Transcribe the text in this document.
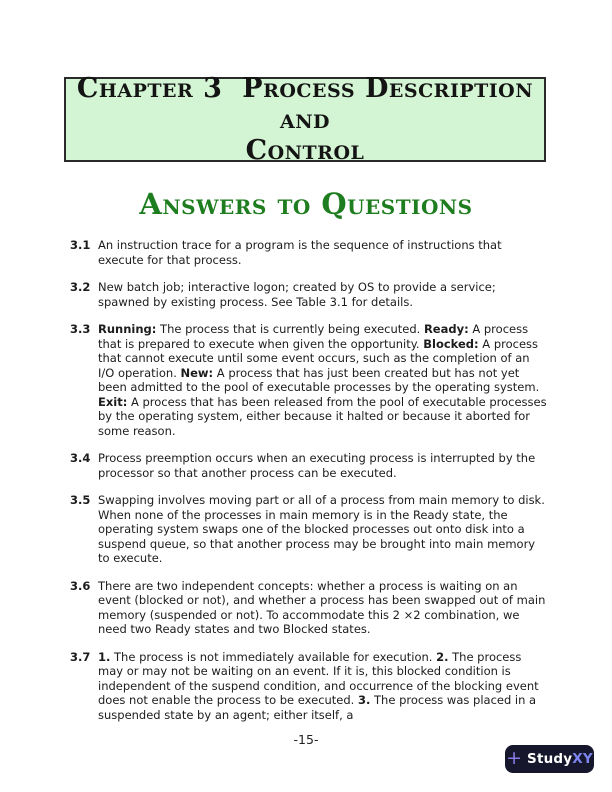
Chapter 3  Process Description and
Control
Answers to Questions
3.1 An instruction trace for a program is the sequence of instructions that execute for that process.
3.2 New batch job; interactive logon; created by OS to provide a service; spawned by existing process. See Table 3.1 for details.
3.3 Running: The process that is currently being executed. Ready: A process that is prepared to execute when given the opportunity. Blocked: A process that cannot execute until some event occurs, such as the completion of an I/O operation. New: A process that has just been created but has not yet been admitted to the pool of executable processes by the operating system. Exit: A process that has been released from the pool of executable processes by the operating system, either because it halted or because it aborted for some reason.
3.4 Process preemption occurs when an executing process is interrupted by the processor so that another process can be executed.
3.5 Swapping involves moving part or all of a process from main memory to disk. When none of the processes in main memory is in the Ready state, the operating system swaps one of the blocked processes out onto disk into a suspend queue, so that another process may be brought into main memory to execute.
3.6 There are two independent concepts: whether a process is waiting on an event (blocked or not), and whether a process has been swapped out of main memory (suspended or not). To accommodate this 2 ×2 combination, we need two Ready states and two Blocked states.
3.7 1. The process is not immediately available for execution. 2. The process may or may not be waiting on an event. If it is, this blocked condition is independent of the suspend condition, and occurrence of the blocking event does not enable the process to be executed. 3. The process was placed in a suspended state by an agent; either itself, a
-15-
+ StudyXY
